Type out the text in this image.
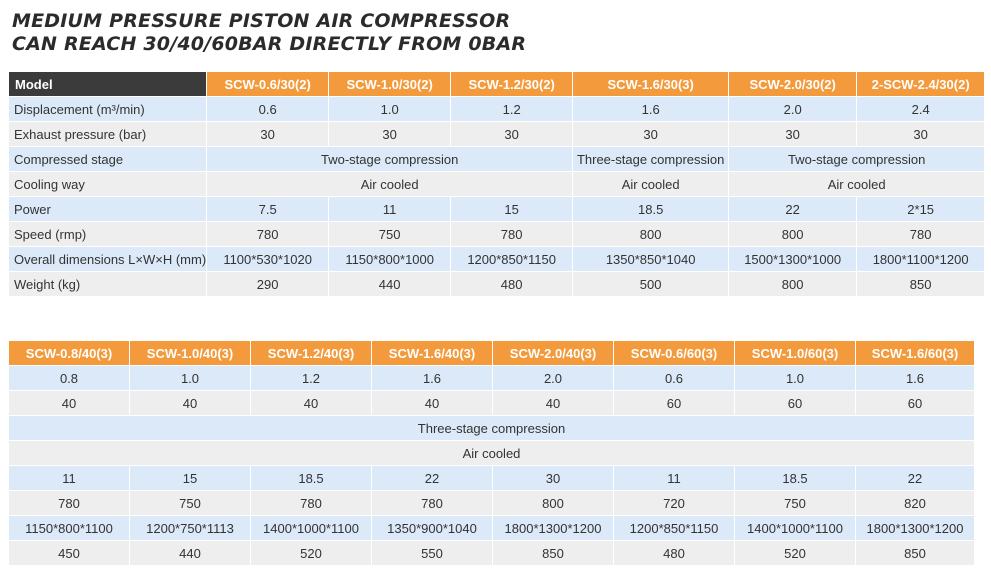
MEDIUM PRESSURE PISTON AIR COMPRESSOR
CAN REACH 30/40/60BAR DIRECTLY FROM 0BAR
Model	SCW-0.6/30(2)	SCW-1.0/30(2)	SCW-1.2/30(2)	SCW-1.6/30(3)	SCW-2.0/30(2)	2-SCW-2.4/30(2)
Displacement (m³/min)	0.6	1.0	1.2	1.6	2.0	2.4
Exhaust pressure (bar)	30	30	30	30	30	30
Compressed stage	Two-stage compression			Three-stage compression	Two-stage compression	
Cooling way	Air cooled			Air cooled	Air cooled	
Power	7.5	11	15	18.5	22	2*15
Speed (rmp)	780	750	780	800	800	780
Overall dimensions L×W×H (mm)	1100*530*1020	1150*800*1000	1200*850*1150	1350*850*1040	1500*1300*1000	1800*1100*1200
Weight (kg)	290	440	480	500	800	850
SCW-0.8/40(3)	SCW-1.0/40(3)	SCW-1.2/40(3)	SCW-1.6/40(3)	SCW-2.0/40(3)	SCW-0.6/60(3)	SCW-1.0/60(3)	SCW-1.6/60(3)
0.8	1.0	1.2	1.6	2.0	0.6	1.0	1.6
40	40	40	40	40	60	60	60
Three-stage compression							
Air cooled							
11	15	18.5	22	30	11	18.5	22
780	750	780	780	800	720	750	820
1150*800*1100	1200*750*1113	1400*1000*1100	1350*900*1040	1800*1300*1200	1200*850*1150	1400*1000*1100	1800*1300*1200
450	440	520	550	850	480	520	850
